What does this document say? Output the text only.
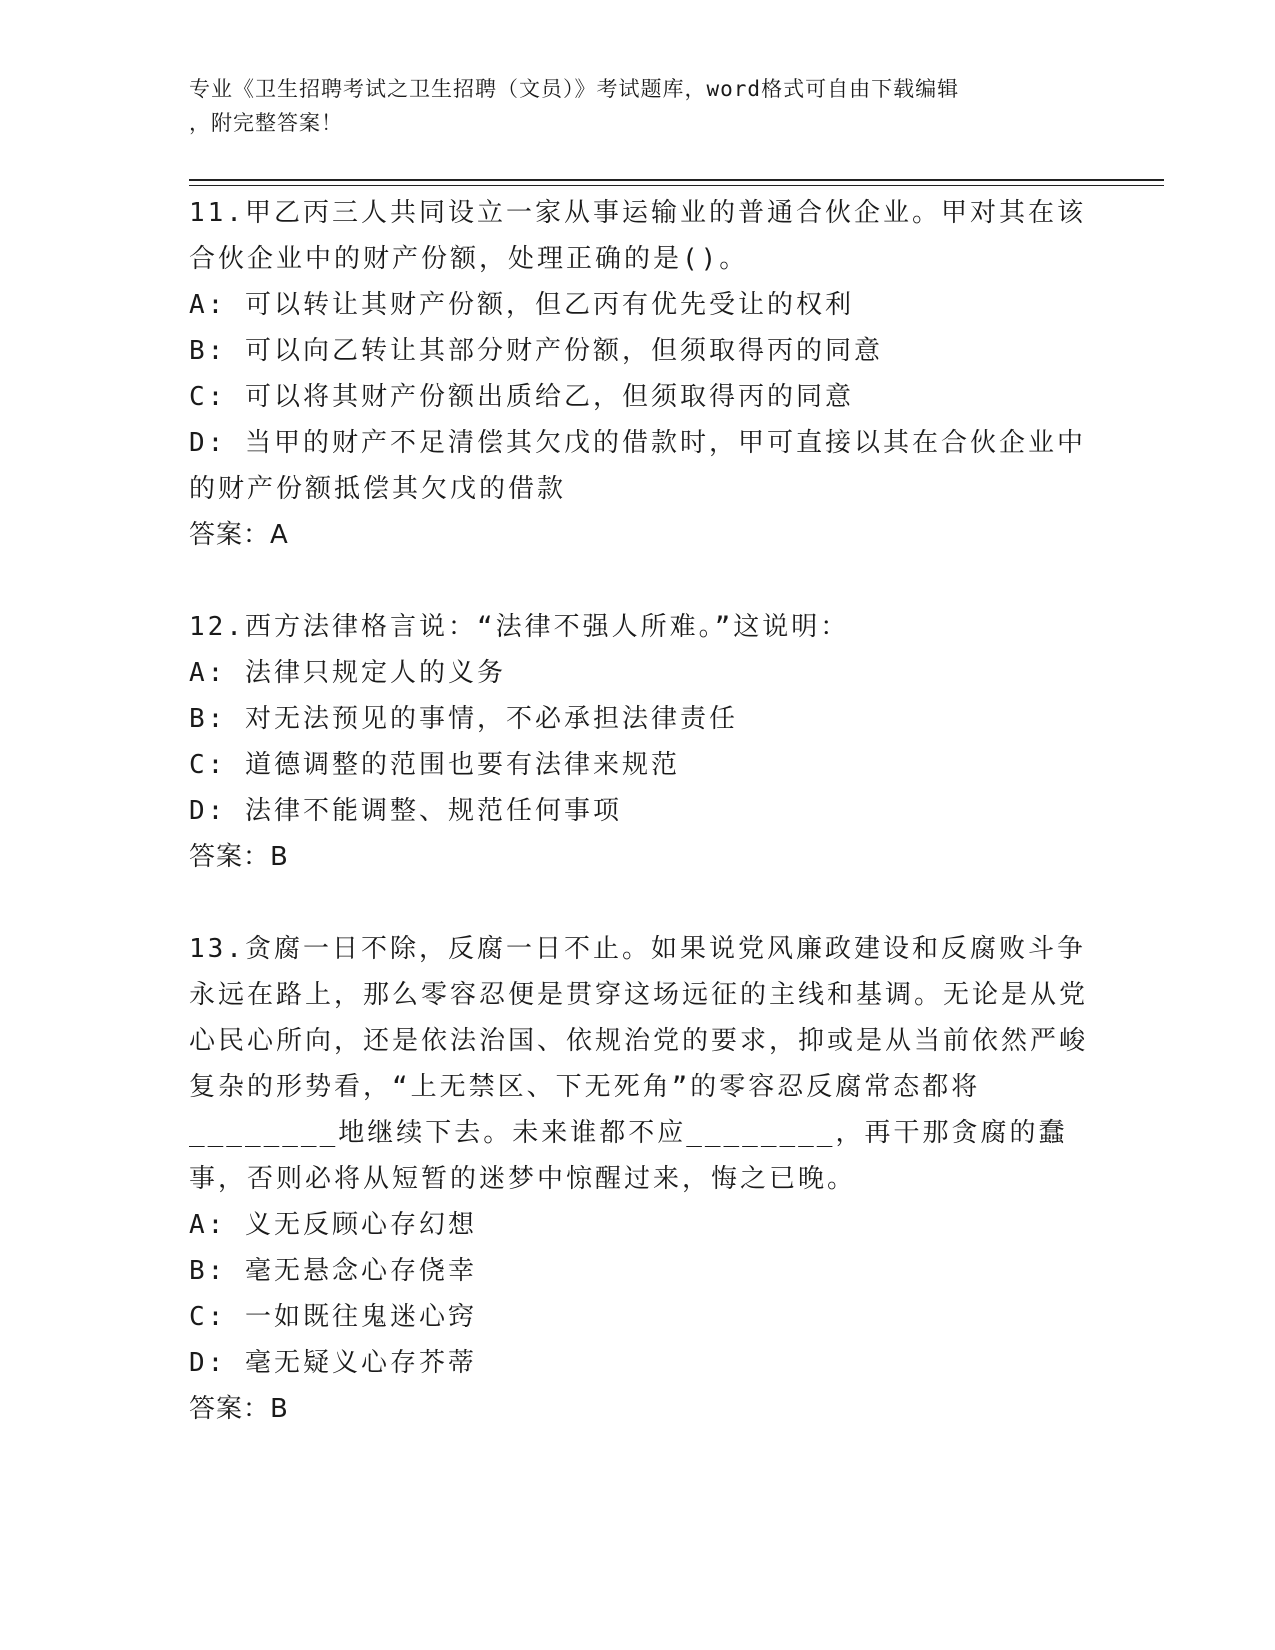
专业《卫生招聘考试之卫生招聘（文员）》考试题库，word格式可自由下载编辑
，附完整答案！

11.甲乙丙三人共同设立一家从事运输业的普通合伙企业。甲对其在该合伙企业中的财产份额，处理正确的是()。

A: 可以转让其财产份额，但乙丙有优先受让的权利

B: 可以向乙转让其部分财产份额，但须取得丙的同意

C: 可以将其财产份额出质给乙，但须取得丙的同意

D: 当甲的财产不足清偿其欠戊的借款时，甲可直接以其在合伙企业中的财产份额抵偿其欠戊的借款

答案：A

12.西方法律格言说：“法律不强人所难。”这说明：

A: 法律只规定人的义务

B: 对无法预见的事情，不必承担法律责任

C: 道德调整的范围也要有法律来规范

D: 法律不能调整、规范任何事项

答案：B

13.贪腐一日不除，反腐一日不止。如果说党风廉政建设和反腐败斗争永远在路上，那么零容忍便是贯穿这场远征的主线和基调。无论是从党心民心所向，还是依法治国、依规治党的要求，抑或是从当前依然严峻复杂的形势看，“上无禁区、下无死角”的零容忍反腐常态都将________地继续下去。未来谁都不应________，再干那贪腐的蠢事，否则必将从短暂的迷梦中惊醒过来，悔之已晚。

A: 义无反顾心存幻想

B: 毫无悬念心存侥幸

C: 一如既往鬼迷心窍

D: 毫无疑义心存芥蒂

答案：B
